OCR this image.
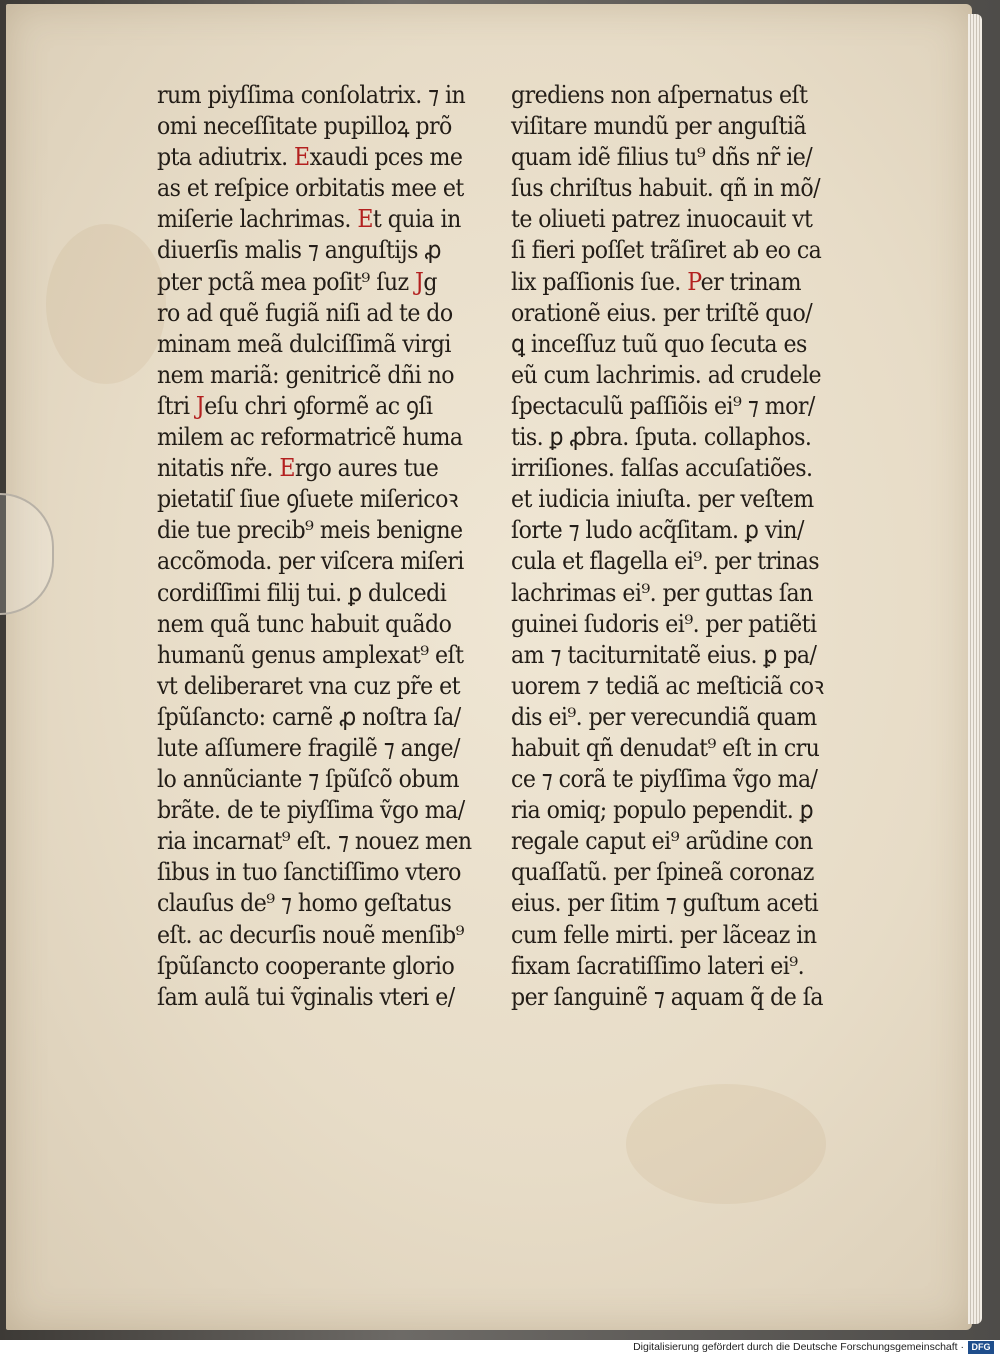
rum piyſſima conſolatrix. ⁊ in
omi neceſſitate pupilloꝝ prõ
pta adiutrix. Exaudi pces me
as et reſpice orbitatis mee et
miſerie lachrimas. Et quia in
diuerſis malis ⁊ anguſtijs ꝓ
pter pctã mea poſit⁹ ſuz Jg
ro ad quẽ fugiã niſi ad te do
minam meã dulciſſimã virgi
nem mariã: genitricẽ dñi no
ſtri Jeſu chri ꝯformẽ ac ꝯſi
milem ac reformatricẽ huma
nitatis nr̃e. Ergo aures tue
pietatiſ ſiue ꝯſuete miſericoꝛ
die tue precib⁹ meis benigne
accõmoda. per viſcera miſeri
cordiſſimi filij tui. ꝑ dulcedi
nem quã tunc habuit quãdo
humanũ genus amplexat⁹ eſt
vt deliberaret vna cuz pr̃e et
ſpũſancto: carnẽ ꝓ noſtra ſa/
lute aſſumere fragilẽ ⁊ ange/
lo annũciante ⁊ ſpũſcõ obum
brãte. de te piyſſima ṽgo ma/
ria incarnat⁹ eſt. ⁊ nouez men
ſibus in tuo ſanctiſſimo vtero
clauſus de⁹ ⁊ homo geſtatus
eſt. ac decurſis nouẽ menſib⁹
ſpũſancto cooperante glorio
ſam aulã tui ṽginalis vteri e/
grediens non aſpernatus eſt
viſitare mundũ per anguſtiã
quam idẽ filius tu⁹ dñs nr̃ ie/
ſus chriſtus habuit. qñ in mõ/
te oliueti patrez inuocauit vt
ſi fieri poſſet trãſiret ab eo ca
lix paſſionis ſue. Per trinam
orationẽ eius. per triſtẽ quo/
ꝗ inceſſuz tuũ quo ſecuta es
eũ cum lachrimis. ad crudele
ſpectaculũ paſſiõis ei⁹ ⁊ mor/
tis. ꝑ ꝓbra. ſputa. collaphos.
irriſiones. falſas accuſatiões.
et iudicia iniuſta. per veſtem
ſorte ⁊ ludo acq̃ſitam. ꝑ vin/
cula et flagella ei⁹. per trinas
lachrimas ei⁹. per guttas ſan
guinei ſudoris ei⁹. per patiẽti
am ⁊ taciturnitatẽ eius. ꝑ pa/
uorem ⁊ tediã ac meſticiã coꝛ
dis ei⁹. per verecundiã quam
habuit qñ denudat⁹ eſt in cru
ce ⁊ corã te piyſſima ṽgo ma/
ria omiq; populo pependit. ꝑ
regale caput ei⁹ arũdine con
quaſſatũ. per ſpineã coronaz
eius. per ſitim ⁊ guſtum aceti
cum felle mirti. per lãceaz in
fixam ſacratiſſimo lateri ei⁹.
per ſanguinẽ ⁊ aquam q̃ de ſa
Digitalisierung gefördert durch die Deutsche Forschungsgemeinschaft · DFG
